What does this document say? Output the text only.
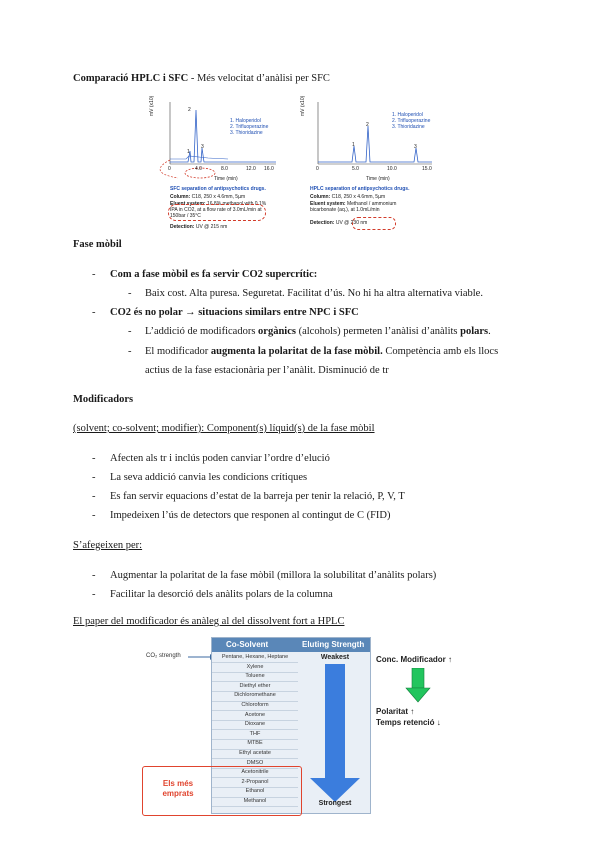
Comparació HPLC i SFC - Més velocitat d’anàlisi per SFC
mV (x10)	2
1
3
1. Haloperidol
2. Trifluoperazine
3. Thioridazine
0	4.0	8.0	12.0 16.0
Time (min)
SFC separation of antipsychotics drugs.
Column: C18, 250 x 4.6mm, 5µm
Eluent system: 16.8% methanol with 0.1% IPA in CO2, at a flow rate of 3.0mL/min at 150bar / 35°C
Detection: UV @ 215 nm
mV (x10)
1
2
3
1. Haloperidol
2. Trifluoperazine
3. Thioridazine
0	5.0	10.0	15.0
Time (min)
HPLC separation of antipsychotics drugs.
Column: C18, 250 x 4.6mm, 5µm
Eluent system: Methanol / ammonium bicarbonate (aq.), at 1.0mL/min
Detection: UV @ 230 nm
Fase mòbil
- Com a fase mòbil es fa servir CO2 supercrític:
- Baix cost. Alta puresa. Seguretat. Facilitat d’ús. No hi ha altra alternativa viable.
- CO2 és no polar → situacions similars entre NPC i SFC
- L’addició de modificadors orgànics (alcohols) permeten l’anàlisi d’anàlits polars.
- El modificador augmenta la polaritat de la fase mòbil. Competència amb els llocs
actius de la fase estacionària per l’anàlit. Disminució de tr
Modificadors
(solvent; co-solvent; modifier): Component(s) líquid(s) de la fase mòbil
- Afecten als tr i inclús poden canviar l’ordre d’elució
- La seva addició canvia les condicions crítiques
- Es fan servir equacions d’estat de la barreja per tenir la relació, P, V, T
- Impedeixen l’ús de detectors que responen al contingut de C (FID)
S’afegeixen per:
- Augmentar la polaritat de la fase mòbil (millora la solubilitat d’anàlits polars)
- Facilitar la desorció dels anàlits polars de la columna
El paper del modificador és anàleg al del dissolvent fort a HPLC
CO₂ strength
Co-Solvent	Eluting Strength
Pentane, Hexane, Heptane
Xylene
Toluene
Diethyl ether
Dichloromethane
Chloroform
Acetone
Dioxane
THF
MTBE
Ethyl acetate
DMSO
Acetonitrile
2-Propanol
Ethanol
Methanol
Weakest
Strongest
Els més
emprats
Conc. Modificador ↑
Polaritat ↑
Temps retenció ↓
